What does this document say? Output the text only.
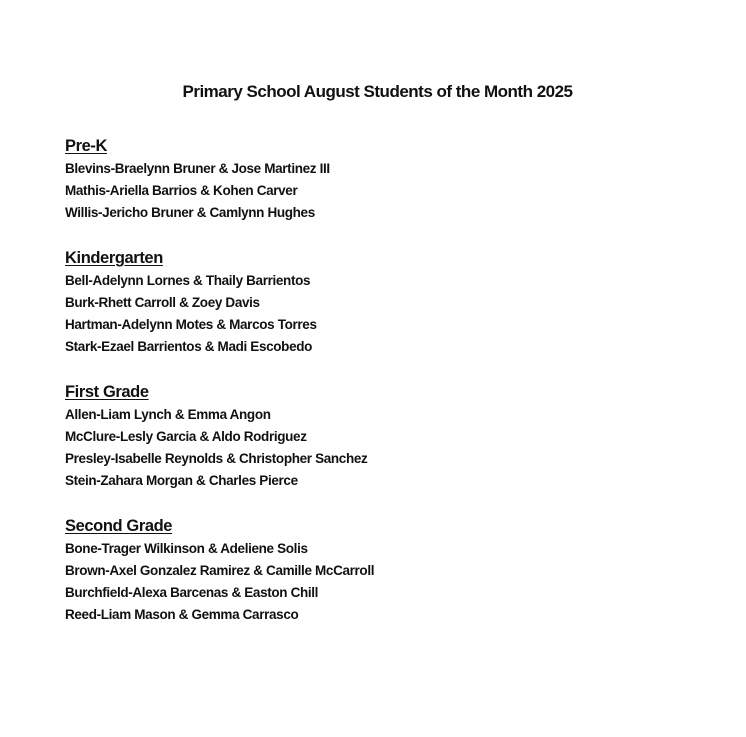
Primary School August Students of the Month 2025
Pre-K
Blevins-Braelynn Bruner & Jose Martinez III
Mathis-Ariella Barrios & Kohen Carver
Willis-Jericho Bruner & Camlynn Hughes
Kindergarten
Bell-Adelynn Lornes & Thaily Barrientos
Burk-Rhett Carroll & Zoey Davis
Hartman-Adelynn Motes & Marcos Torres
Stark-Ezael Barrientos & Madi Escobedo
First Grade
Allen-Liam Lynch & Emma Angon
McClure-Lesly Garcia & Aldo Rodriguez
Presley-Isabelle Reynolds & Christopher Sanchez
Stein-Zahara Morgan & Charles Pierce
Second Grade
Bone-Trager Wilkinson & Adeliene Solis
Brown-Axel Gonzalez Ramirez & Camille McCarroll
Burchfield-Alexa Barcenas & Easton Chill
Reed-Liam Mason & Gemma Carrasco
